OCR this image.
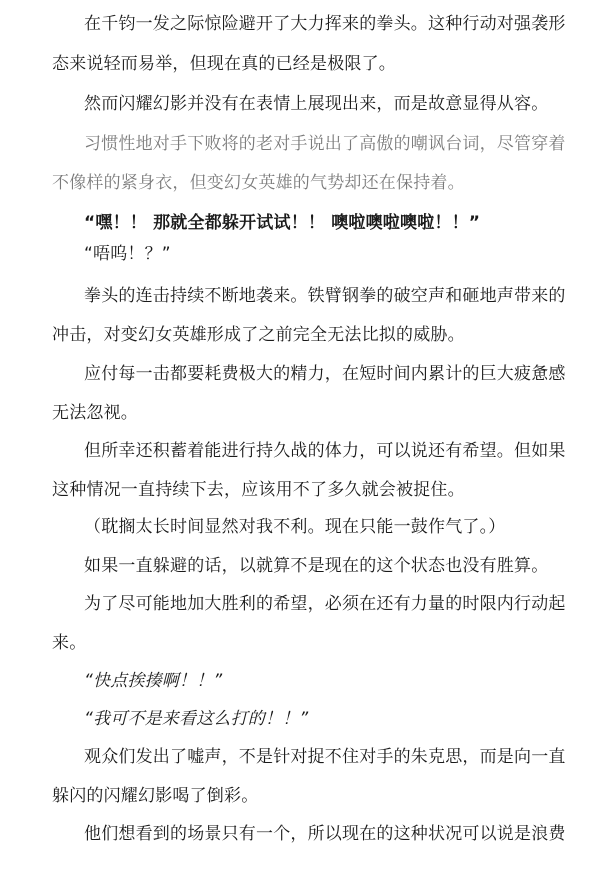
在千钧一发之际惊险避开了大力挥来的拳头。这种行动对强袭形

态来说轻而易举，但现在真的已经是极限了。

然而闪耀幻影并没有在表情上展现出来，而是故意显得从容。

习惯性地对手下败将的老对手说出了高傲的嘲讽台词，尽管穿着

不像样的紧身衣，但变幻女英雄的气势却还在保持着。

“嘿！！ 那就全都躲开试试！！ 噢啦噢啦噢啦！！”

“唔呜！？”

拳头的连击持续不断地袭来。铁臂钢拳的破空声和砸地声带来的

冲击，对变幻女英雄形成了之前完全无法比拟的威胁。

应付每一击都要耗费极大的精力，在短时间内累计的巨大疲惫感

无法忽视。

但所幸还积蓄着能进行持久战的体力，可以说还有希望。但如果

这种情况一直持续下去，应该用不了多久就会被捉住。

（耽搁太长时间显然对我不利。现在只能一鼓作气了。）

如果一直躲避的话，以就算不是现在的这个状态也没有胜算。

为了尽可能地加大胜利的希望，必须在还有力量的时限内行动起

来。

“快点挨揍啊！！”

“我可不是来看这么打的！！”

观众们发出了嘘声，不是针对捉不住对手的朱克思，而是向一直

躲闪的闪耀幻影喝了倒彩。

他们想看到的场景只有一个，所以现在的这种状况可以说是浪费
